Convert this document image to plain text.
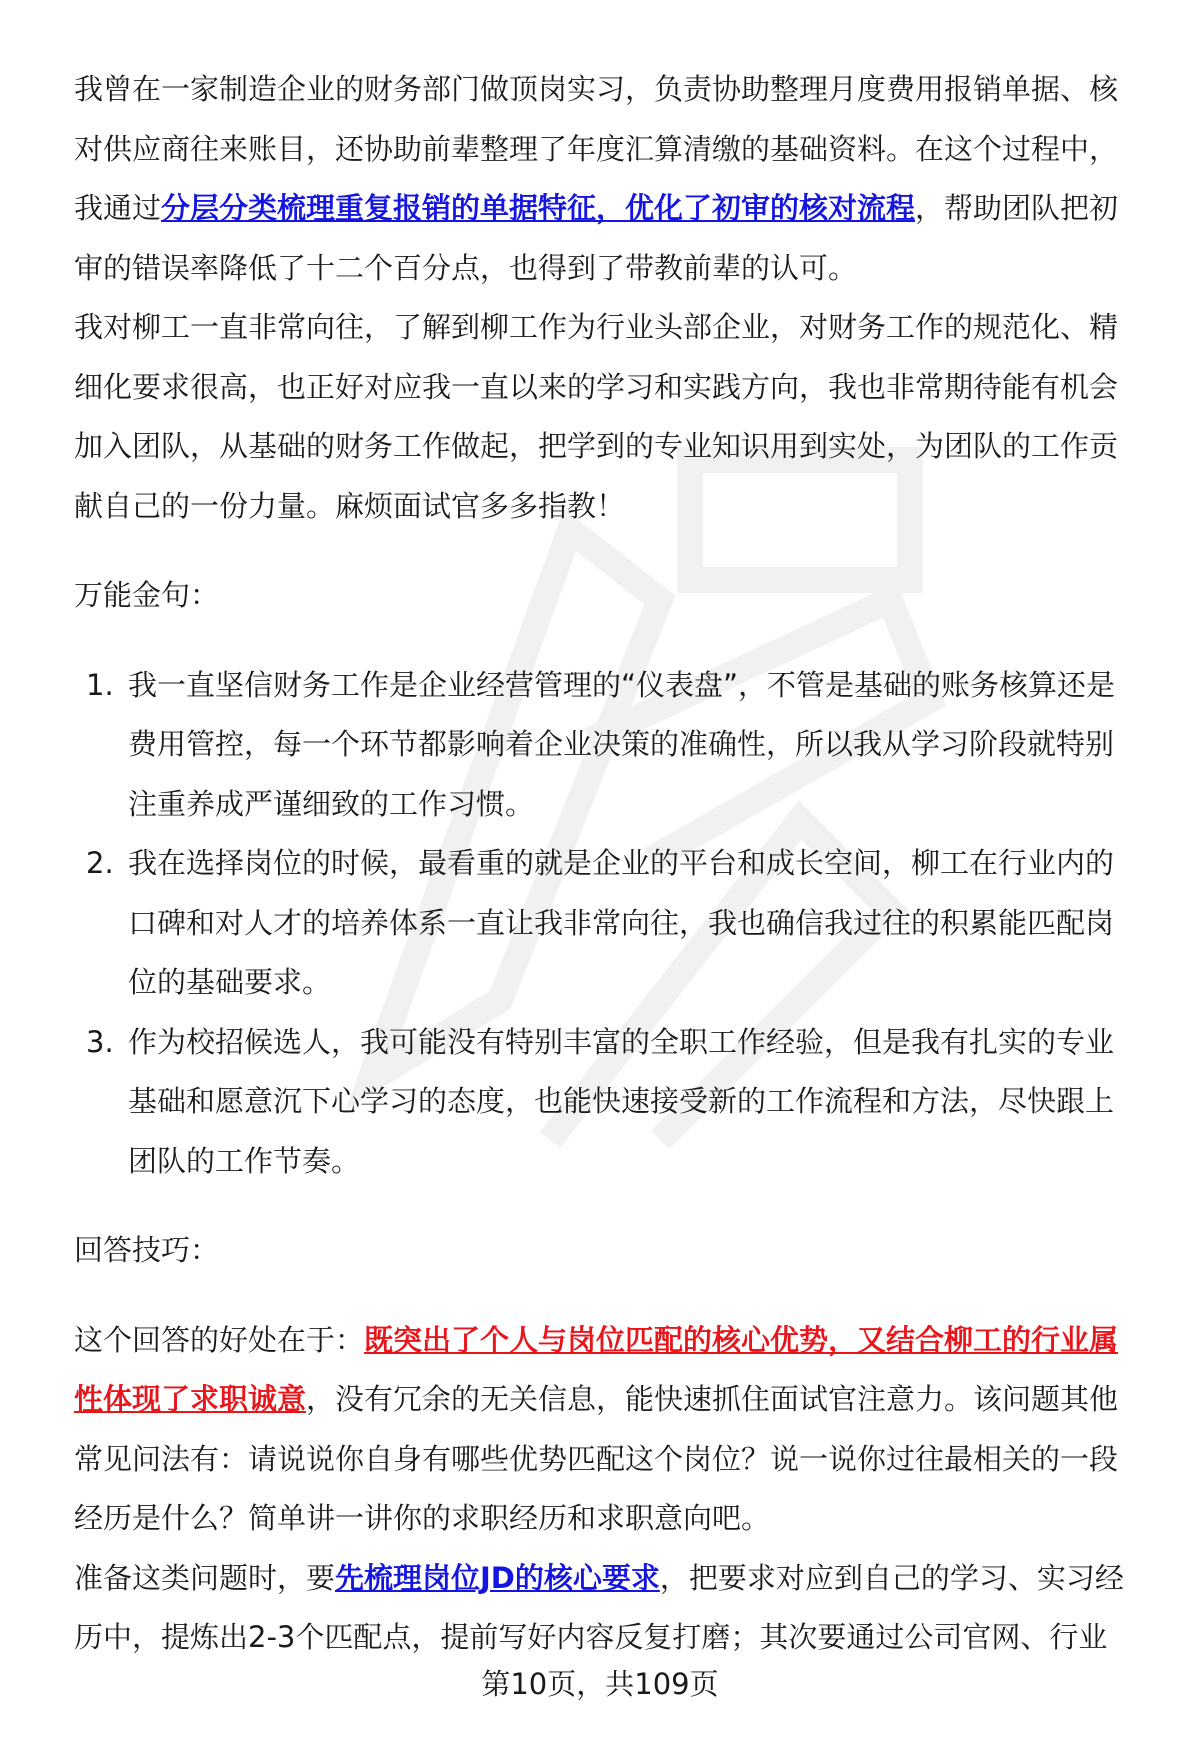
我曾在一家制造企业的财务部门做顶岗实习，负责协助整理月度费用报销单据、核对供应商往来账目，还协助前辈整理了年度汇算清缴的基础资料。在这个过程中，我通过分层分类梳理重复报销的单据特征，优化了初审的核对流程，帮助团队把初审的错误率降低了十二个百分点，也得到了带教前辈的认可。

我对柳工一直非常向往，了解到柳工作为行业头部企业，对财务工作的规范化、精细化要求很高，也正好对应我一直以来的学习和实践方向，我也非常期待能有机会加入团队，从基础的财务工作做起，把学到的专业知识用到实处，为团队的工作贡献自己的一份力量。麻烦面试官多多指教！

万能金句：

1. 我一直坚信财务工作是企业经营管理的“仪表盘”，不管是基础的账务核算还是费用管控，每一个环节都影响着企业决策的准确性，所以我从学习阶段就特别注重养成严谨细致的工作习惯。
2. 我在选择岗位的时候，最看重的就是企业的平台和成长空间，柳工在行业内的口碑和对人才的培养体系一直让我非常向往，我也确信我过往的积累能匹配岗位的基础要求。
3. 作为校招候选人，我可能没有特别丰富的全职工作经验，但是我有扎实的专业基础和愿意沉下心学习的态度，也能快速接受新的工作流程和方法，尽快跟上团队的工作节奏。

回答技巧：

这个回答的好处在于：既突出了个人与岗位匹配的核心优势，又结合柳工的行业属性体现了求职诚意，没有冗余的无关信息，能快速抓住面试官注意力。该问题其他常见问法有：请说说你自身有哪些优势匹配这个岗位？说一说你过往最相关的一段经历是什么？简单讲一讲你的求职经历和求职意向吧。

准备这类问题时，要先梳理岗位JD的核心要求，把要求对应到自己的学习、实习经历中，提炼出2-3个匹配点，提前写好内容反复打磨；其次要通过公司官网、行业

第10页，共109页
